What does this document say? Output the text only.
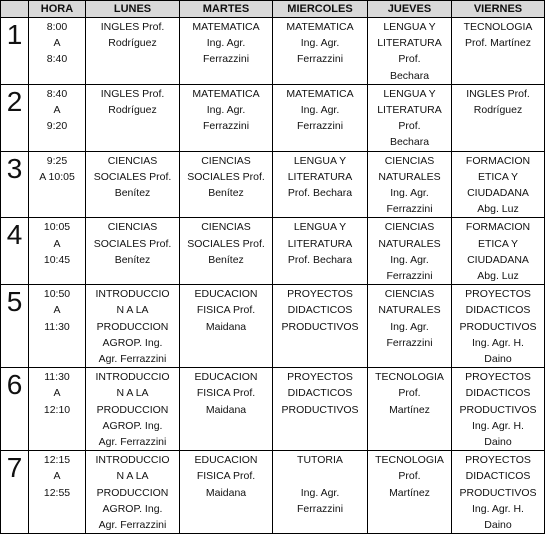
	HORA	LUNES	MARTES	MIERCOLES	JUEVES	VIERNES
1	8:00
A
8:40	INGLES Prof.
Rodríguez	MATEMATICA
Ing. Agr.
Ferrazzini	MATEMATICA
Ing. Agr.
Ferrazzini	LENGUA Y
LITERATURA
Prof.
Bechara	TECNOLOGIA
Prof. Martínez
2	8:40
A
9:20	INGLES Prof.
Rodríguez	MATEMATICA
Ing. Agr.
Ferrazzini	MATEMATICA
Ing. Agr.
Ferrazzini	LENGUA Y
LITERATURA
Prof.
Bechara	INGLES Prof.
Rodríguez
3	9:25
A 10:05	CIENCIAS
SOCIALES Prof.
Benítez	CIENCIAS
SOCIALES Prof.
Benítez	LENGUA Y
LITERATURA
Prof. Bechara	CIENCIAS
NATURALES
Ing. Agr.
Ferrazzini	FORMACION
ETICA Y
CIUDADANA
Abg. Luz
4	10:05
A
10:45	CIENCIAS
SOCIALES Prof.
Benítez	CIENCIAS
SOCIALES Prof.
Benítez	LENGUA Y
LITERATURA
Prof. Bechara	CIENCIAS
NATURALES
Ing. Agr.
Ferrazzini	FORMACION
ETICA Y
CIUDADANA
Abg. Luz
5	10:50
A
11:30	INTRODUCCIO
N A LA
PRODUCCION
AGROP. Ing.
Agr. Ferrazzini	EDUCACION
FISICA Prof.
Maidana	PROYECTOS
DIDACTICOS
PRODUCTIVOS	CIENCIAS
NATURALES
Ing. Agr.
Ferrazzini	PROYECTOS
DIDACTICOS
PRODUCTIVOS
Ing. Agr. H.
Daino
6	11:30
A
12:10	INTRODUCCIO
N A LA
PRODUCCION
AGROP. Ing.
Agr. Ferrazzini	EDUCACION
FISICA Prof.
Maidana	PROYECTOS
DIDACTICOS
PRODUCTIVOS	TECNOLOGIA
Prof.
Martínez	PROYECTOS
DIDACTICOS
PRODUCTIVOS
Ing. Agr. H.
Daino
7	12:15
A
12:55	INTRODUCCIO
N A LA
PRODUCCION
AGROP. Ing.
Agr. Ferrazzini	EDUCACION
FISICA Prof.
Maidana	TUTORIA

Ing. Agr.
Ferrazzini	TECNOLOGIA
Prof.
Martínez	PROYECTOS
DIDACTICOS
PRODUCTIVOS
Ing. Agr. H.
Daino
